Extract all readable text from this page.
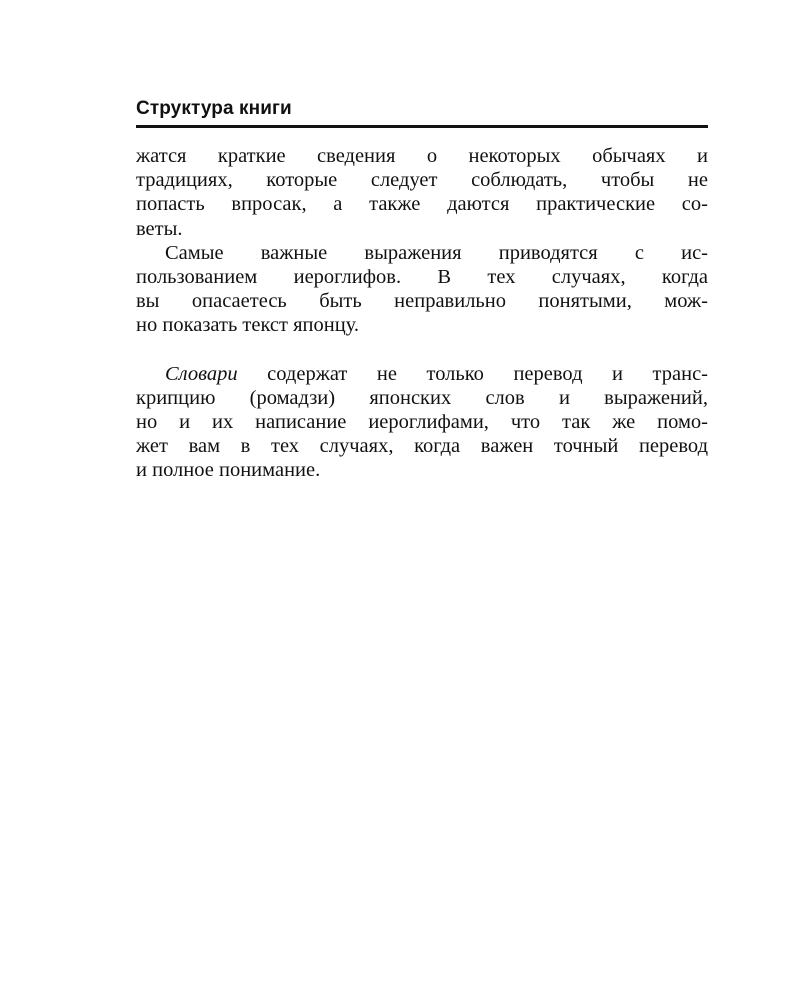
Структура книги
жатся краткие сведения о некоторых обычаях и
традициях, которые следует соблюдать, чтобы не
попасть впросак, а также даются практические со-
веты.
Самые важные выражения приводятся с ис-
пользованием иероглифов. В тех случаях, когда
вы опасаетесь быть неправильно понятыми, мож-
но показать текст японцу.
Словари содержат не только перевод и транс-
крипцию (ромадзи) японских слов и выражений,
но и их написание иероглифами, что так же помо-
жет вам в тех случаях, когда важен точный перевод
и полное понимание.
